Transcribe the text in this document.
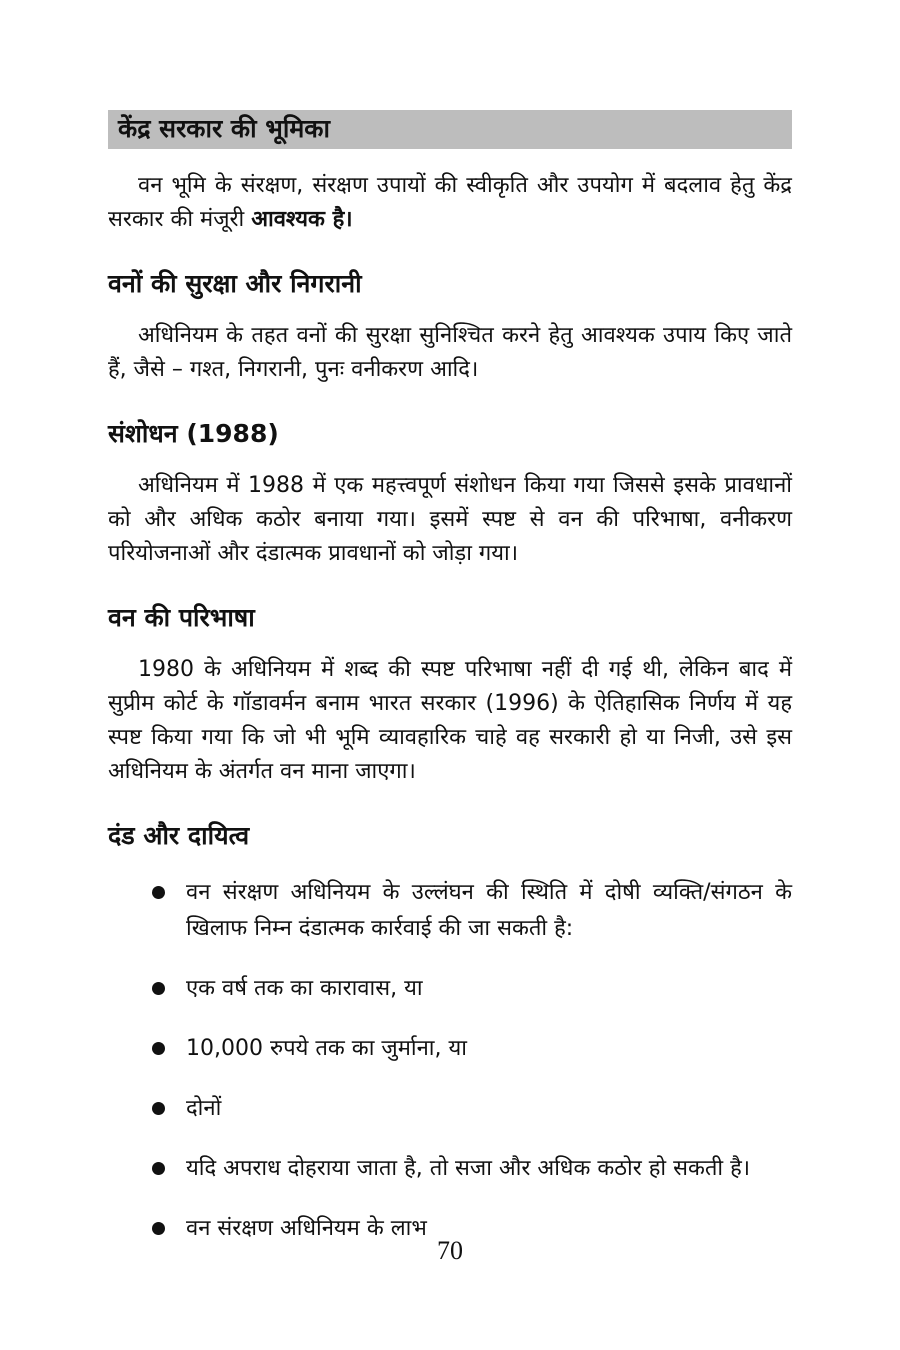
केंद्र सरकार की भूमिका

वन भूमि के संरक्षण, संरक्षण उपायों की स्वीकृति और उपयोग में बदलाव हेतु केंद्र सरकार की मंजूरी आवश्यक है।

वनों की सुरक्षा और निगरानी

अधिनियम के तहत वनों की सुरक्षा सुनिश्चित करने हेतु आवश्यक उपाय किए जाते हैं, जैसे – गश्त, निगरानी, पुनः वनीकरण आदि।

संशोधन (1988)

अधिनियम में 1988 में एक महत्त्वपूर्ण संशोधन किया गया जिससे इसके प्रावधानों को और अधिक कठोर बनाया गया। इसमें स्पष्ट से वन की परिभाषा, वनीकरण परियोजनाओं और दंडात्मक प्रावधानों को जोड़ा गया।

वन की परिभाषा

1980 के अधिनियम में शब्द की स्पष्ट परिभाषा नहीं दी गई थी, लेकिन बाद में सुप्रीम कोर्ट के गॉडावर्मन बनाम भारत सरकार (1996) के ऐतिहासिक निर्णय में यह स्पष्ट किया गया कि जो भी भूमि व्यावहारिक चाहे वह सरकारी हो या निजी, उसे इस अधिनियम के अंतर्गत वन माना जाएगा।

दंड और दायित्व
वन संरक्षण अधिनियम के उल्लंघन की स्थिति में दोषी व्यक्ति/संगठन के खिलाफ निम्न दंडात्मक कार्रवाई की जा सकती है:
एक वर्ष तक का कारावास, या
10,000 रुपये तक का जुर्माना, या
दोनों
यदि अपराध दोहराया जाता है, तो सजा और अधिक कठोर हो सकती है।
वन संरक्षण अधिनियम के लाभ
70
